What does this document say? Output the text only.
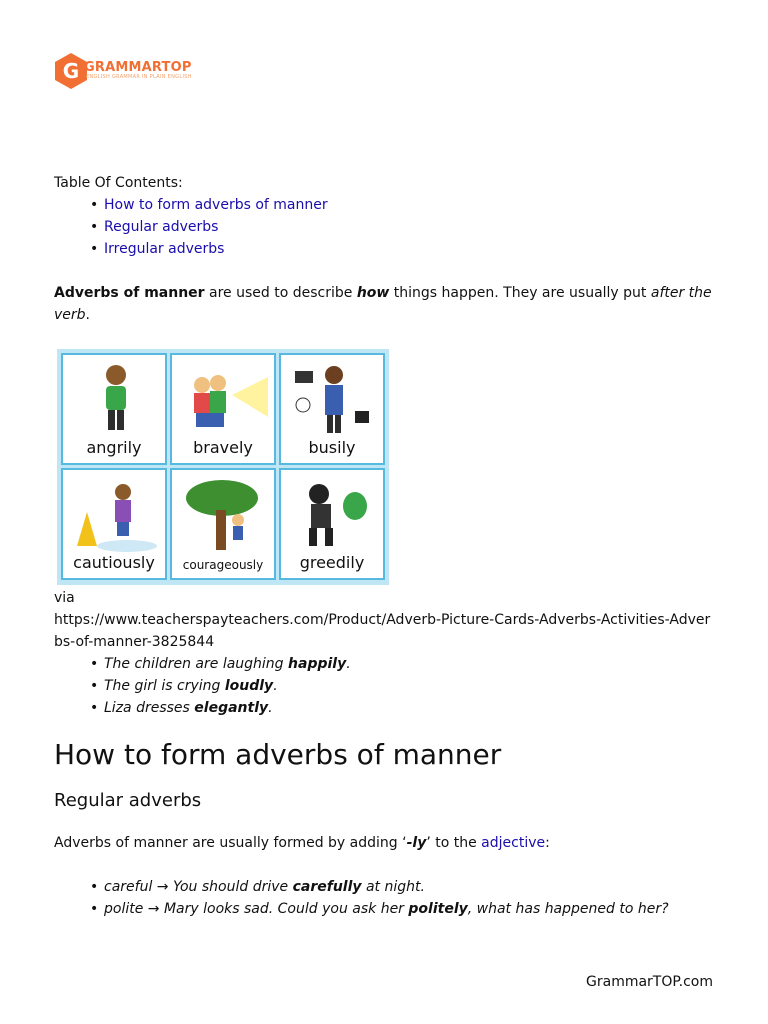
G GRAMMARTOP
ENGLISH GRAMMAR IN PLAIN ENGLISH
Table Of Contents:
• How to form adverbs of manner
• Regular adverbs
• Irregular adverbs
Adverbs of manner are used to describe how things happen. They are usually put after the verb.
angrily	bravely	busily
cautiously	courageously	greedily
via
https://www.teacherspayteachers.com/Product/Adverb-Picture-Cards-Adverbs-Activities-Adver
bs-of-manner-3825844
• The children are laughing happily.
• The girl is crying loudly.
• Liza dresses elegantly.
How to form adverbs of manner
Regular adverbs
Adverbs of manner are usually formed by adding ‘-ly’ to the adjective:
• careful → You should drive carefully at night.
• polite → Mary looks sad. Could you ask her politely, what has happened to her?
GrammarTOP.com
